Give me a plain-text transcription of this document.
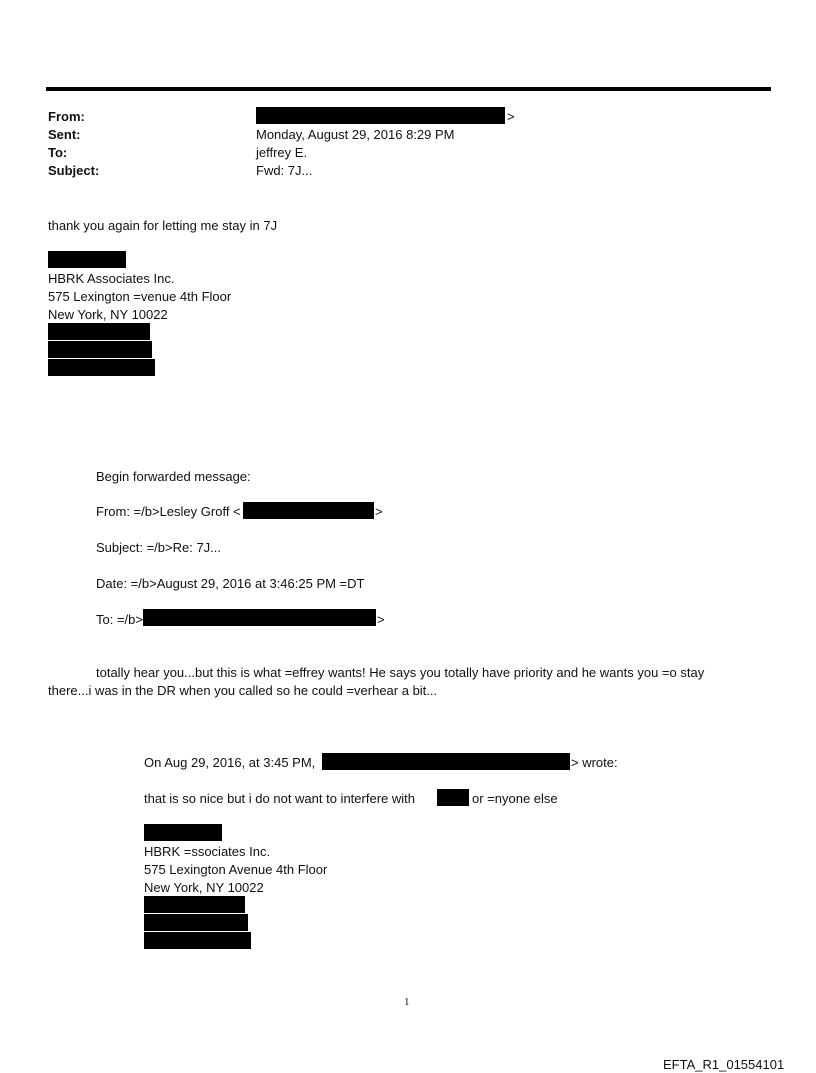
From:	>
Sent:	Monday, August 29, 2016 8:29 PM
To:	jeffrey E.
Subject:	Fwd: 7J...
thank you again for letting me stay in 7J
HBRK Associates Inc.
575 Lexington =venue 4th Floor
New York, NY 10022
Begin forwarded message:
From: =/b>Lesley Groff <	>
Subject: =/b>Re: 7J...
Date: =/b>August 29, 2016 at 3:46:25 PM =DT
To: =/b>	>
totally hear you...but this is what =effrey wants! He says you totally have priority and he wants you =o stay
there...i was in the DR when you called so he could =verhear a bit...
On Aug 29, 2016, at 3:45 PM,	> wrote:
that is so nice but i do not want to interfere with	or =nyone else
HBRK =ssociates Inc.
575 Lexington Avenue 4th Floor
New York, NY 10022
1
EFTA_R1_01554101
